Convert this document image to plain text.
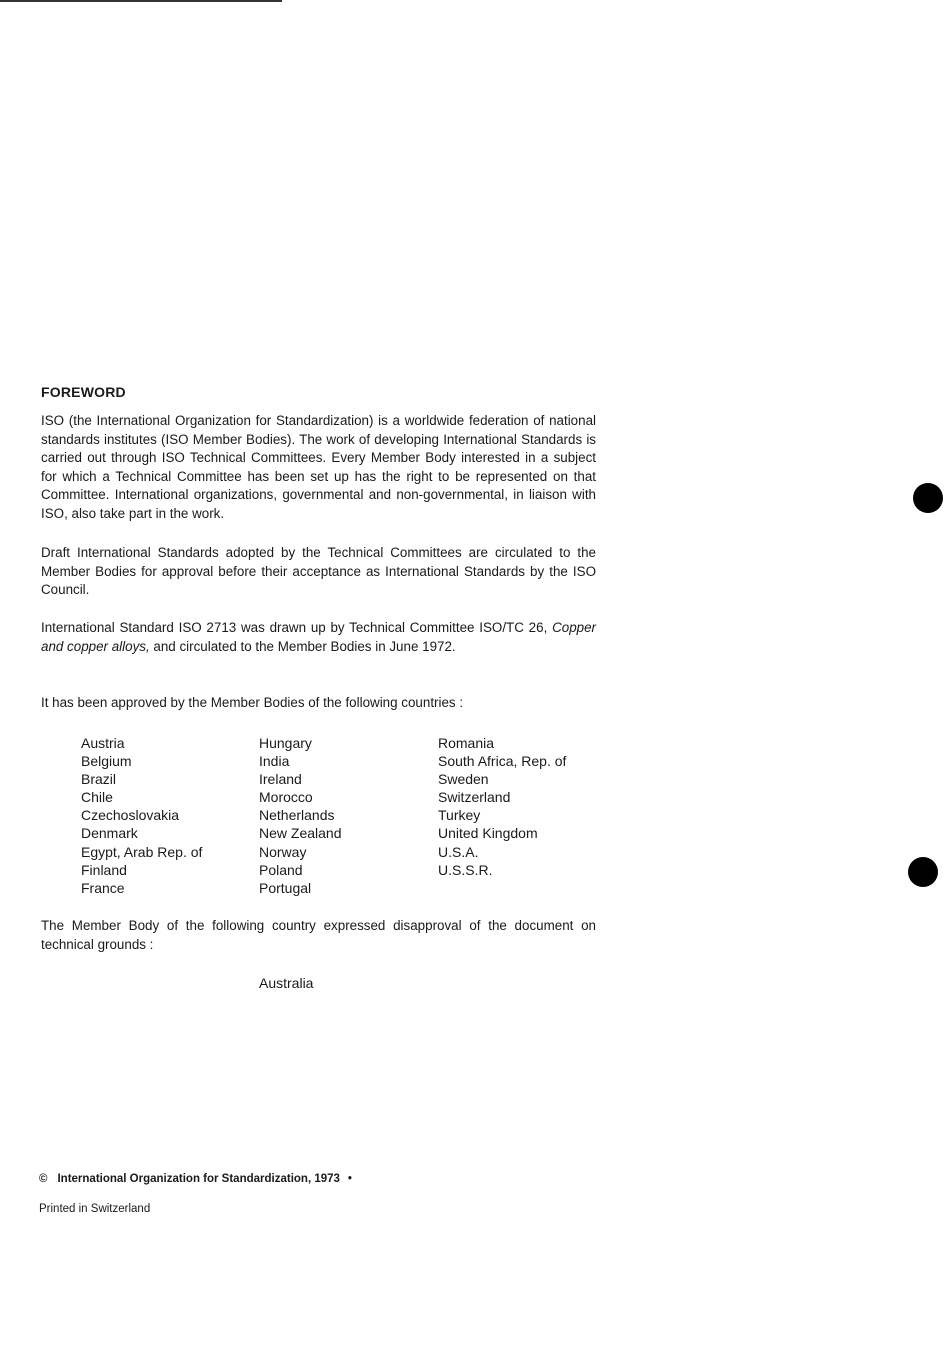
FOREWORD

ISO (the International Organization for Standardization) is a worldwide federation of national standards institutes (ISO Member Bodies). The work of developing International Standards is carried out through ISO Technical Committees. Every Member Body interested in a subject for which a Technical Committee has been set up has the right to be represented on that Committee. International organizations, governmental and non-governmental, in liaison with ISO, also take part in the work.

Draft International Standards adopted by the Technical Committees are circulated to the Member Bodies for approval before their acceptance as International Standards by the ISO Council.

International Standard ISO 2713 was drawn up by Technical Committee ISO/TC 26, Copper and copper alloys, and circulated to the Member Bodies in June 1972.

It has been approved by the Member Bodies of the following countries :

Austria
Belgium
Brazil
Chile
Czechoslovakia
Denmark
Egypt, Arab Rep. of
Finland
France
Hungary
India
Ireland
Morocco
Netherlands
New Zealand
Norway
Poland
Portugal
Romania
South Africa, Rep. of
Sweden
Switzerland
Turkey
United Kingdom
U.S.A.
U.S.S.R.

The Member Body of the following country expressed disapproval of the document on technical grounds :

Australia
© International Organization for Standardization, 1973 •
Printed in Switzerland
